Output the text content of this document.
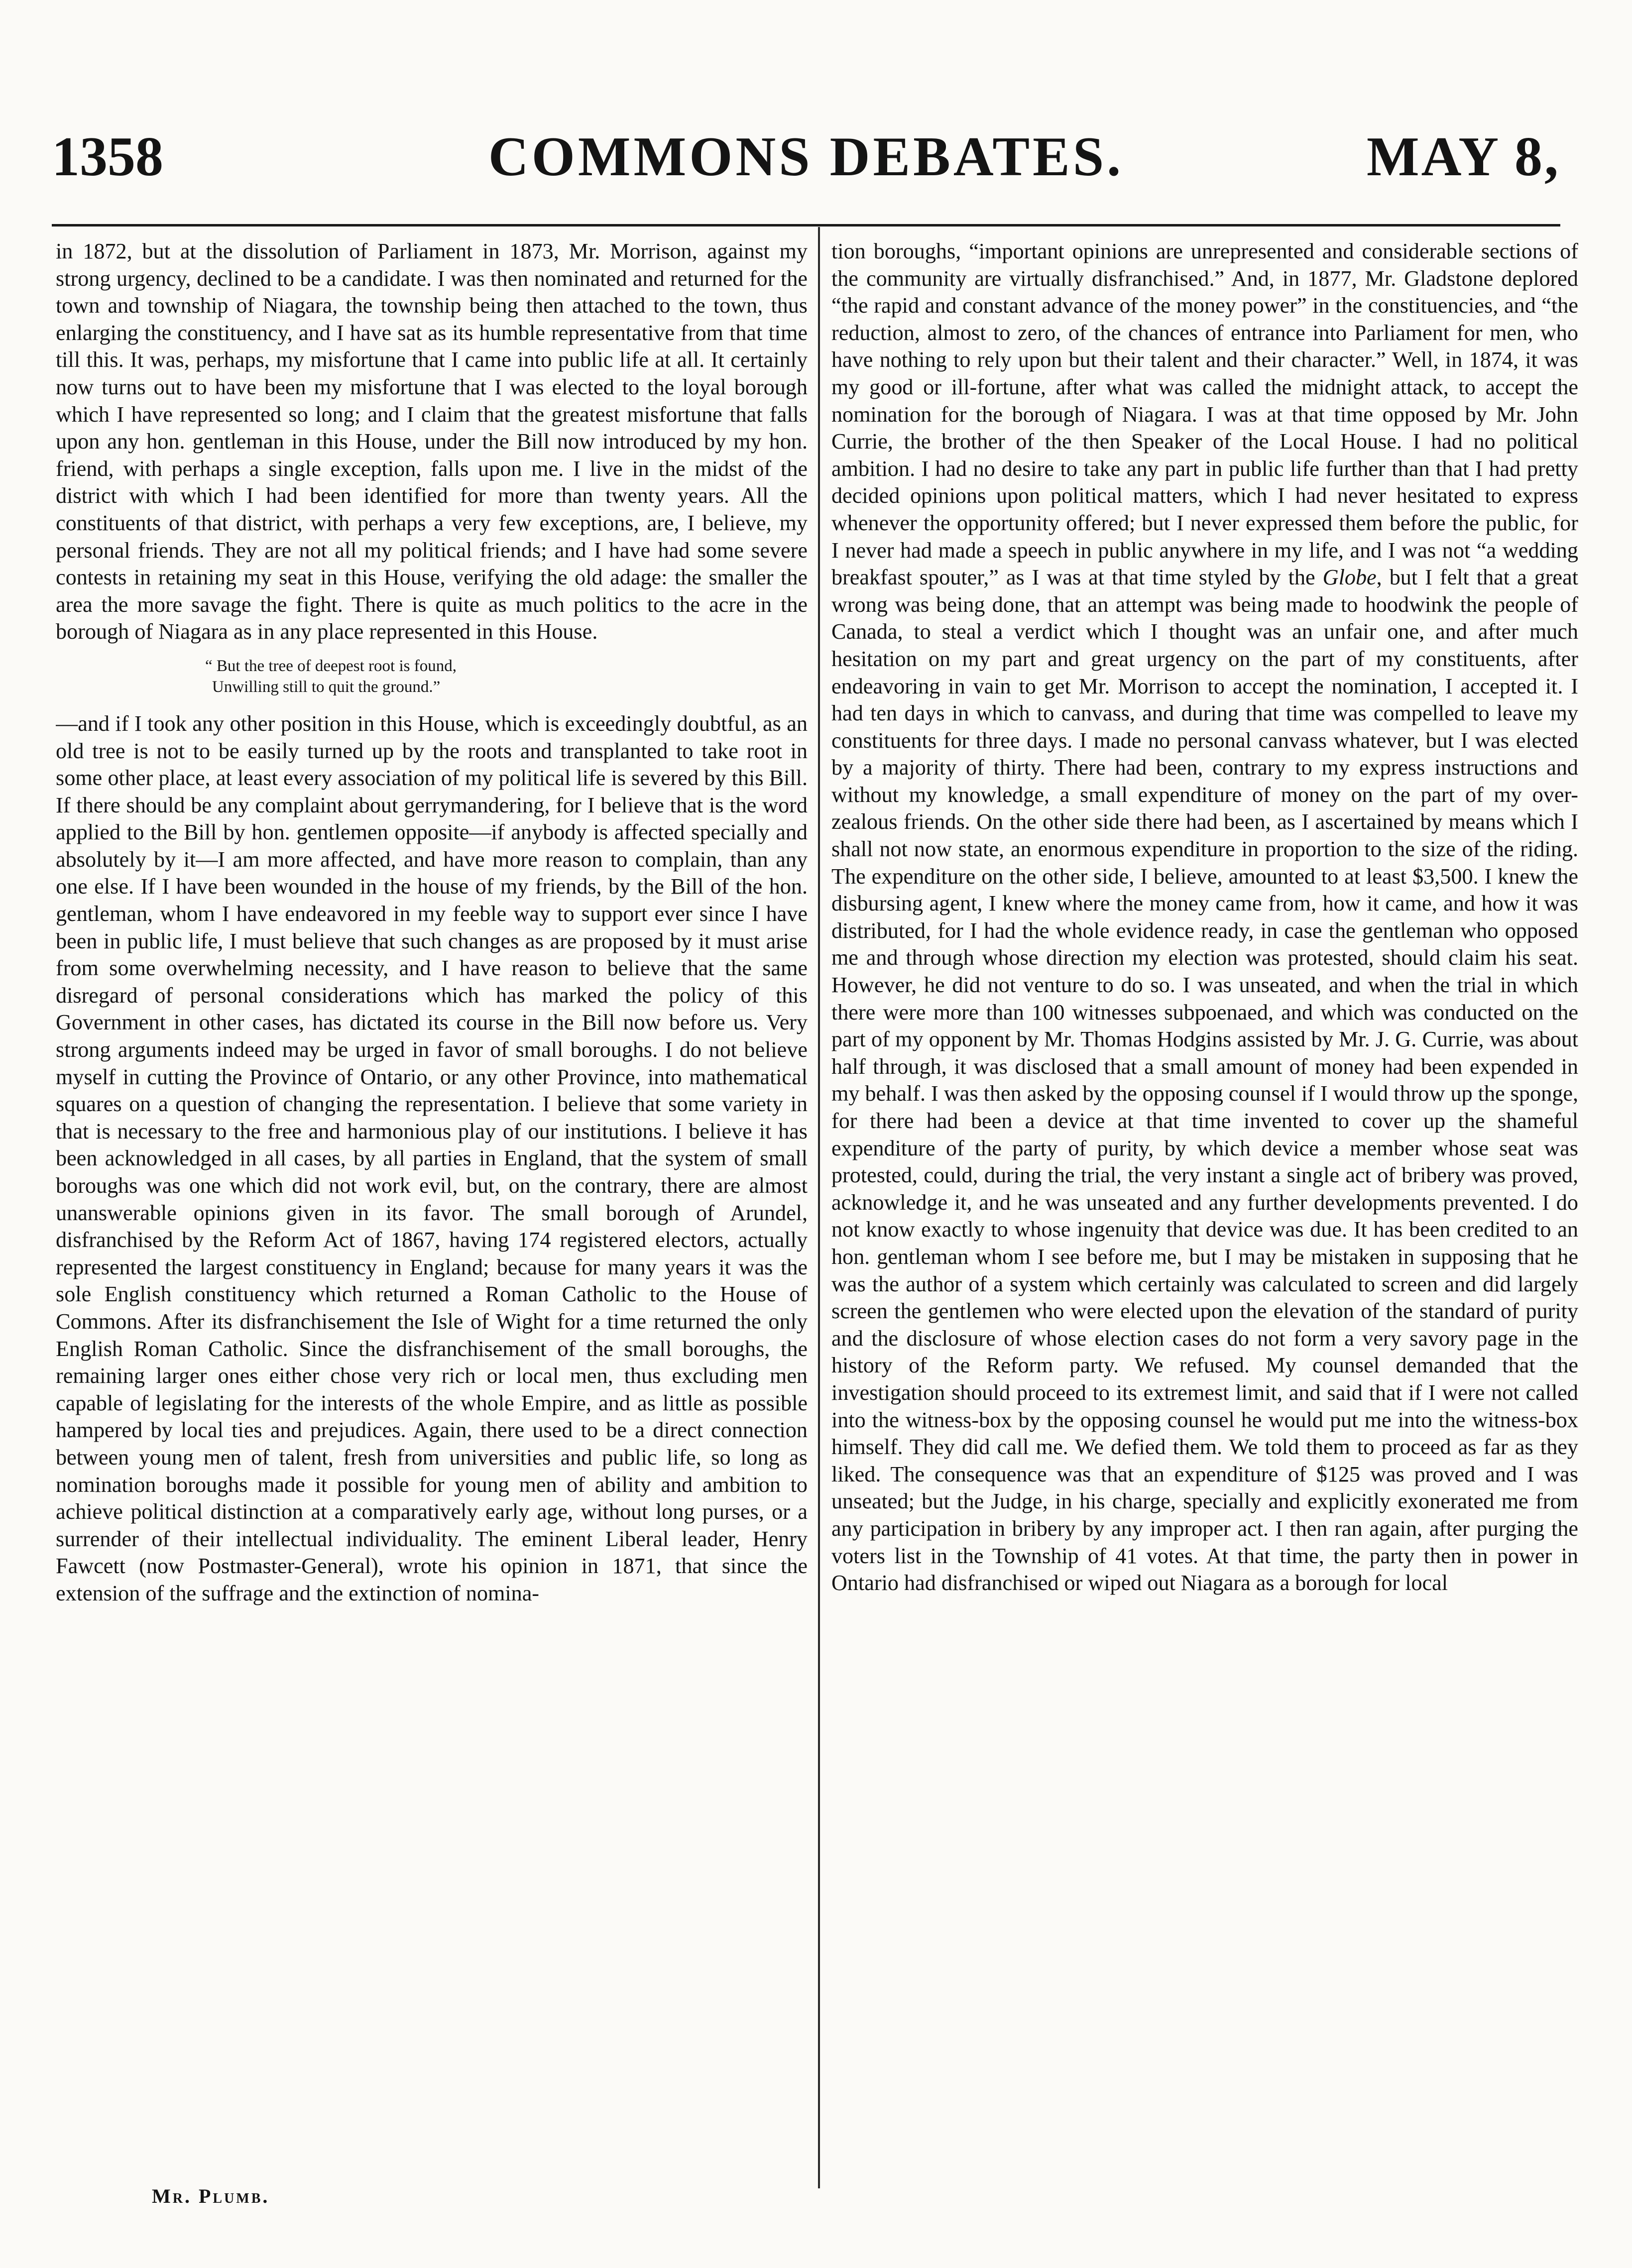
1358	COMMONS DEBATES.	MAY 8,

in 1872, but at the dissolution of Parliament in 1873, Mr. Morrison, against my strong urgency, declined to be a candidate. I was then nominated and returned for the town and township of Niagara, the township being then attached to the town, thus enlarging the constituency, and I have sat as its humble representative from that time till this. It was, perhaps, my misfortune that I came into public life at all. It certainly now turns out to have been my misfortune that I was elected to the loyal borough which I have represented so long; and I claim that the greatest misfortune that falls upon any hon. gentleman in this House, under the Bill now introduced by my hon. friend, with perhaps a single exception, falls upon me. I live in the midst of the district with which I had been identified for more than twenty years. All the constituents of that district, with perhaps a very few exceptions, are, I believe, my personal friends. They are not all my political friends; and I have had some severe contests in retaining my seat in this House, verifying the old adage: the smaller the area the more savage the fight. There is quite as much politics to the acre in the borough of Niagara as in any place represented in this House.

“ But the tree of deepest root is found,
Unwilling still to quit the ground.”

—and if I took any other position in this House, which is exceedingly doubtful, as an old tree is not to be easily turned up by the roots and transplanted to take root in some other place, at least every association of my political life is severed by this Bill. If there should be any complaint about gerrymandering, for I believe that is the word applied to the Bill by hon. gentlemen opposite—if anybody is affected specially and absolutely by it—I am more affected, and have more reason to complain, than any one else. If I have been wounded in the house of my friends, by the Bill of the hon. gentleman, whom I have endeavored in my feeble way to support ever since I have been in public life, I must believe that such changes as are proposed by it must arise from some overwhelming necessity, and I have reason to believe that the same disregard of personal considerations which has marked the policy of this Government in other cases, has dictated its course in the Bill now before us. Very strong arguments indeed may be urged in favor of small boroughs. I do not believe myself in cutting the Province of Ontario, or any other Province, into mathematical squares on a question of changing the representation. I believe that some variety in that is necessary to the free and harmonious play of our institutions. I believe it has been acknowledged in all cases, by all parties in England, that the system of small boroughs was one which did not work evil, but, on the contrary, there are almost unanswerable opinions given in its favor. The small borough of Arundel, disfranchised by the Reform Act of 1867, having 174 registered electors, actually represented the largest constituency in England; because for many years it was the sole English constituency which returned a Roman Catholic to the House of Commons. After its disfranchisement the Isle of Wight for a time returned the only English Roman Catholic. Since the disfranchisement of the small boroughs, the remaining larger ones either chose very rich or local men, thus excluding men capable of legislating for the interests of the whole Empire, and as little as possible hampered by local ties and prejudices. Again, there used to be a direct connection between young men of talent, fresh from universities and public life, so long as nomination boroughs made it possible for young men of ability and ambition to achieve political distinction at a comparatively early age, without long purses, or a surrender of their intellectual individuality. The eminent Liberal leader, Henry Fawcett (now Postmaster-General), wrote his opinion in 1871, that since the extension of the suffrage and the extinction of nomina-

tion boroughs, “important opinions are unrepresented and considerable sections of the community are virtually disfranchised.” And, in 1877, Mr. Gladstone deplored “the rapid and constant advance of the money power” in the constituencies, and “the reduction, almost to zero, of the chances of entrance into Parliament for men, who have nothing to rely upon but their talent and their character.” Well, in 1874, it was my good or ill-fortune, after what was called the midnight attack, to accept the nomination for the borough of Niagara. I was at that time opposed by Mr. John Currie, the brother of the then Speaker of the Local House. I had no political ambition. I had no desire to take any part in public life further than that I had pretty decided opinions upon political matters, which I had never hesitated to express whenever the opportunity offered; but I never expressed them before the public, for I never had made a speech in public anywhere in my life, and I was not “a wedding breakfast spouter,” as I was at that time styled by the Globe, but I felt that a great wrong was being done, that an attempt was being made to hoodwink the people of Canada, to steal a verdict which I thought was an unfair one, and after much hesitation on my part and great urgency on the part of my constituents, after endeavoring in vain to get Mr. Morrison to accept the nomination, I accepted it. I had ten days in which to canvass, and during that time was compelled to leave my constituents for three days. I made no personal canvass whatever, but I was elected by a majority of thirty. There had been, contrary to my express instructions and without my knowledge, a small expenditure of money on the part of my over-zealous friends. On the other side there had been, as I ascertained by means which I shall not now state, an enormous expenditure in proportion to the size of the riding. The expenditure on the other side, I believe, amounted to at least $3,500. I knew the disbursing agent, I knew where the money came from, how it came, and how it was distributed, for I had the whole evidence ready, in case the gentleman who opposed me and through whose direction my election was protested, should claim his seat. However, he did not venture to do so. I was unseated, and when the trial in which there were more than 100 witnesses subpoenaed, and which was conducted on the part of my opponent by Mr. Thomas Hodgins assisted by Mr. J. G. Currie, was about half through, it was disclosed that a small amount of money had been expended in my behalf. I was then asked by the opposing counsel if I would throw up the sponge, for there had been a device at that time invented to cover up the shameful expenditure of the party of purity, by which device a member whose seat was protested, could, during the trial, the very instant a single act of bribery was proved, acknowledge it, and he was unseated and any further developments prevented. I do not know exactly to whose ingenuity that device was due. It has been credited to an hon. gentleman whom I see before me, but I may be mistaken in supposing that he was the author of a system which certainly was calculated to screen and did largely screen the gentlemen who were elected upon the elevation of the standard of purity and the disclosure of whose election cases do not form a very savory page in the history of the Reform party. We refused. My counsel demanded that the investigation should proceed to its extremest limit, and said that if I were not called into the witness-box by the opposing counsel he would put me into the witness-box himself. They did call me. We defied them. We told them to proceed as far as they liked. The consequence was that an expenditure of $125 was proved and I was unseated; but the Judge, in his charge, specially and explicitly exonerated me from any participation in bribery by any improper act. I then ran again, after purging the voters list in the Township of 41 votes. At that time, the party then in power in Ontario had disfranchised or wiped out Niagara as a borough for local

Mr. Plumb.
